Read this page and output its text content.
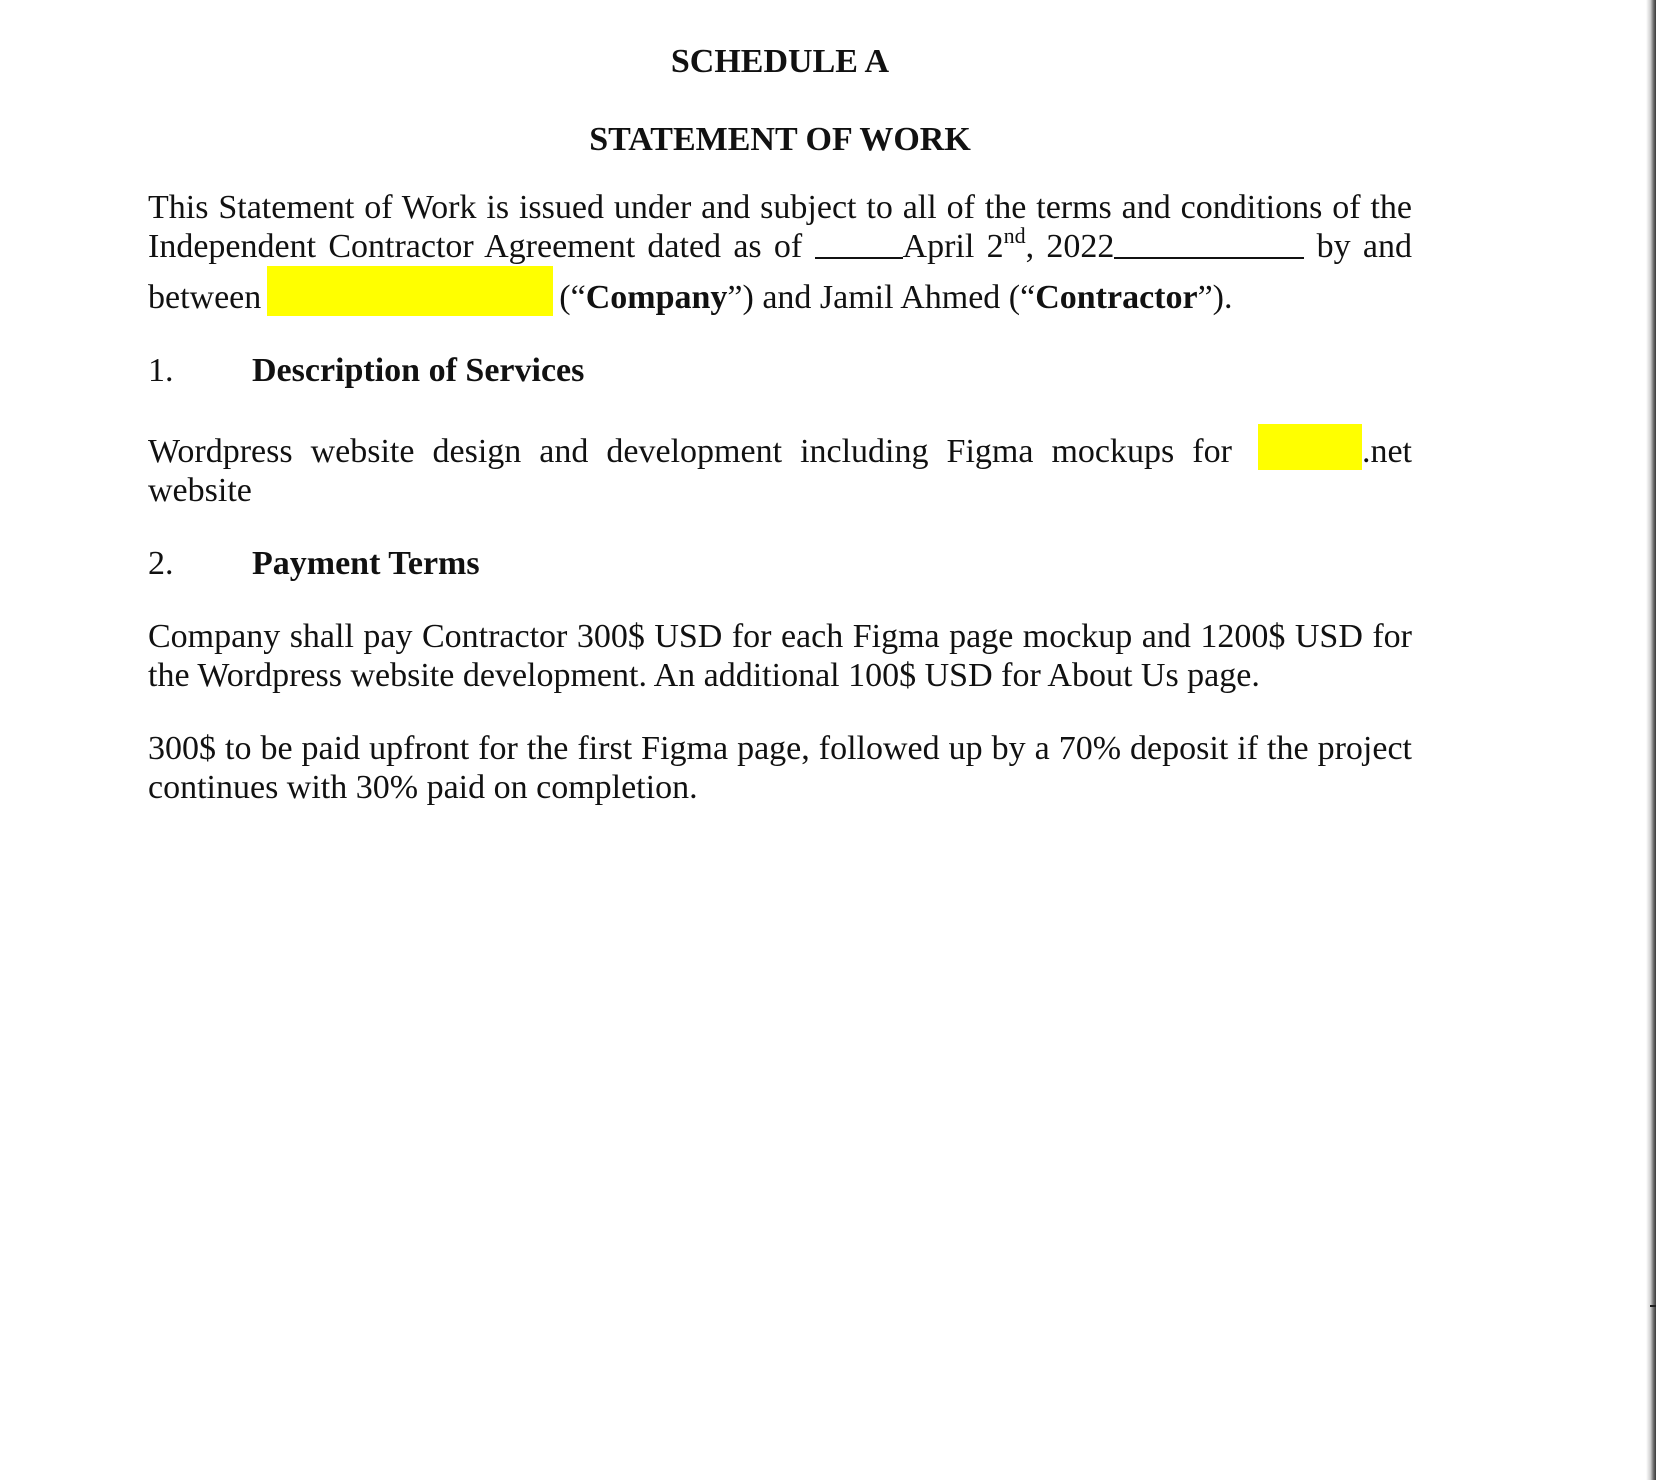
SCHEDULE A
STATEMENT OF WORK
This Statement of Work is issued under and subject to all of the terms and conditions of the
Independent Contractor Agreement dated as of	April 2nd, 2022	by and
between	(“Company”) and Jamil Ahmed (“Contractor”).
1.	Description of Services
Wordpress website design and development including Figma mockups for	.net
website
2.	Payment Terms
Company shall pay Contractor 300$ USD for each Figma page mockup and 1200$ USD for
the Wordpress website development. An additional 100$ USD for About Us page.
300$ to be paid upfront for the first Figma page, followed up by a 70% deposit if the project
continues with 30% paid on completion.
